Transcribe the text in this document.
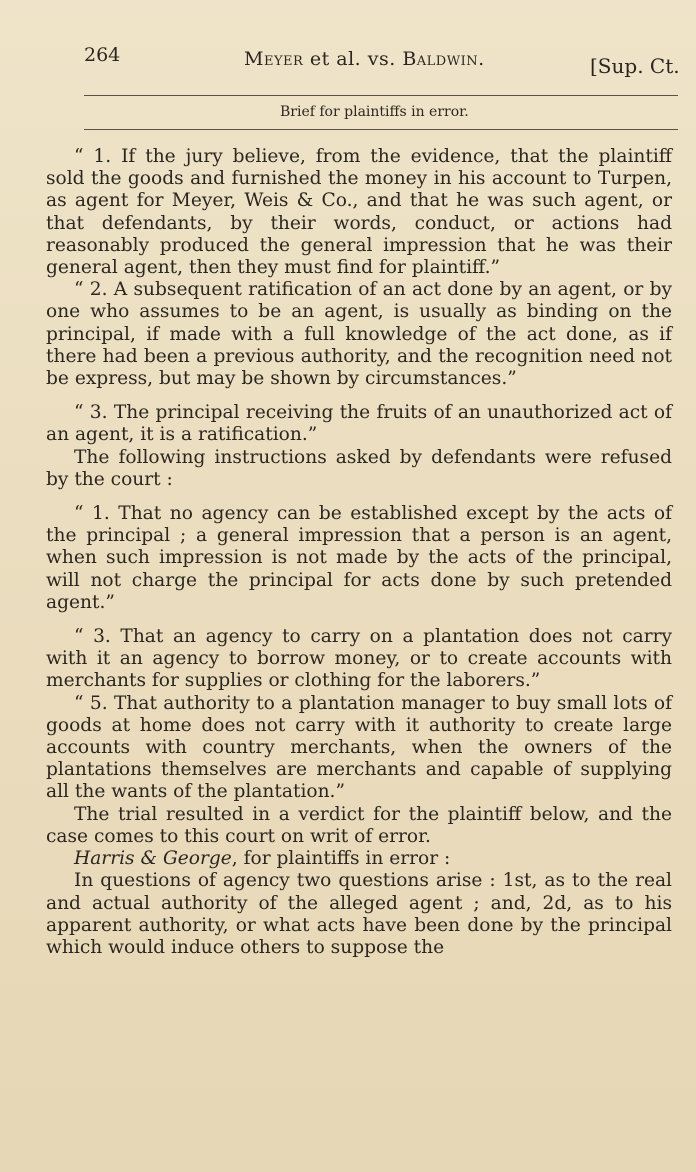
264	Meyer et al. vs. Baldwin.	[Sup. Ct.
Brief for plaintiffs in error.

“ 1. If the jury believe, from the evidence, that the plaintiff sold the goods and furnished the money in his account to Turpen, as agent for Meyer, Weis & Co., and that he was such agent, or that defendants, by their words, conduct, or actions had reasonably produced the general impression that he was their general agent, then they must find for plaintiff.”

“ 2. A subsequent ratification of an act done by an agent, or by one who assumes to be an agent, is usually as binding on the principal, if made with a full knowledge of the act done, as if there had been a previous authority, and the recognition need not be express, but may be shown by circumstances.”

“ 3. The principal receiving the fruits of an unauthorized act of an agent, it is a ratification.”

The following instructions asked by defendants were refused by the court :

“ 1. That no agency can be established except by the acts of the principal ; a general impression that a person is an agent, when such impression is not made by the acts of the principal, will not charge the principal for acts done by such pretended agent.”

“ 3. That an agency to carry on a plantation does not carry with it an agency to borrow money, or to create accounts with merchants for supplies or clothing for the laborers.”

“ 5. That authority to a plantation manager to buy small lots of goods at home does not carry with it authority to create large accounts with country merchants, when the owners of the plantations themselves are merchants and capable of supplying all the wants of the plantation.”

The trial resulted in a verdict for the plaintiff below, and the case comes to this court on writ of error.

Harris & George, for plaintiffs in error :

In questions of agency two questions arise : 1st, as to the real and actual authority of the alleged agent ; and, 2d, as to his apparent authority, or what acts have been done by the principal which would induce others to suppose the
